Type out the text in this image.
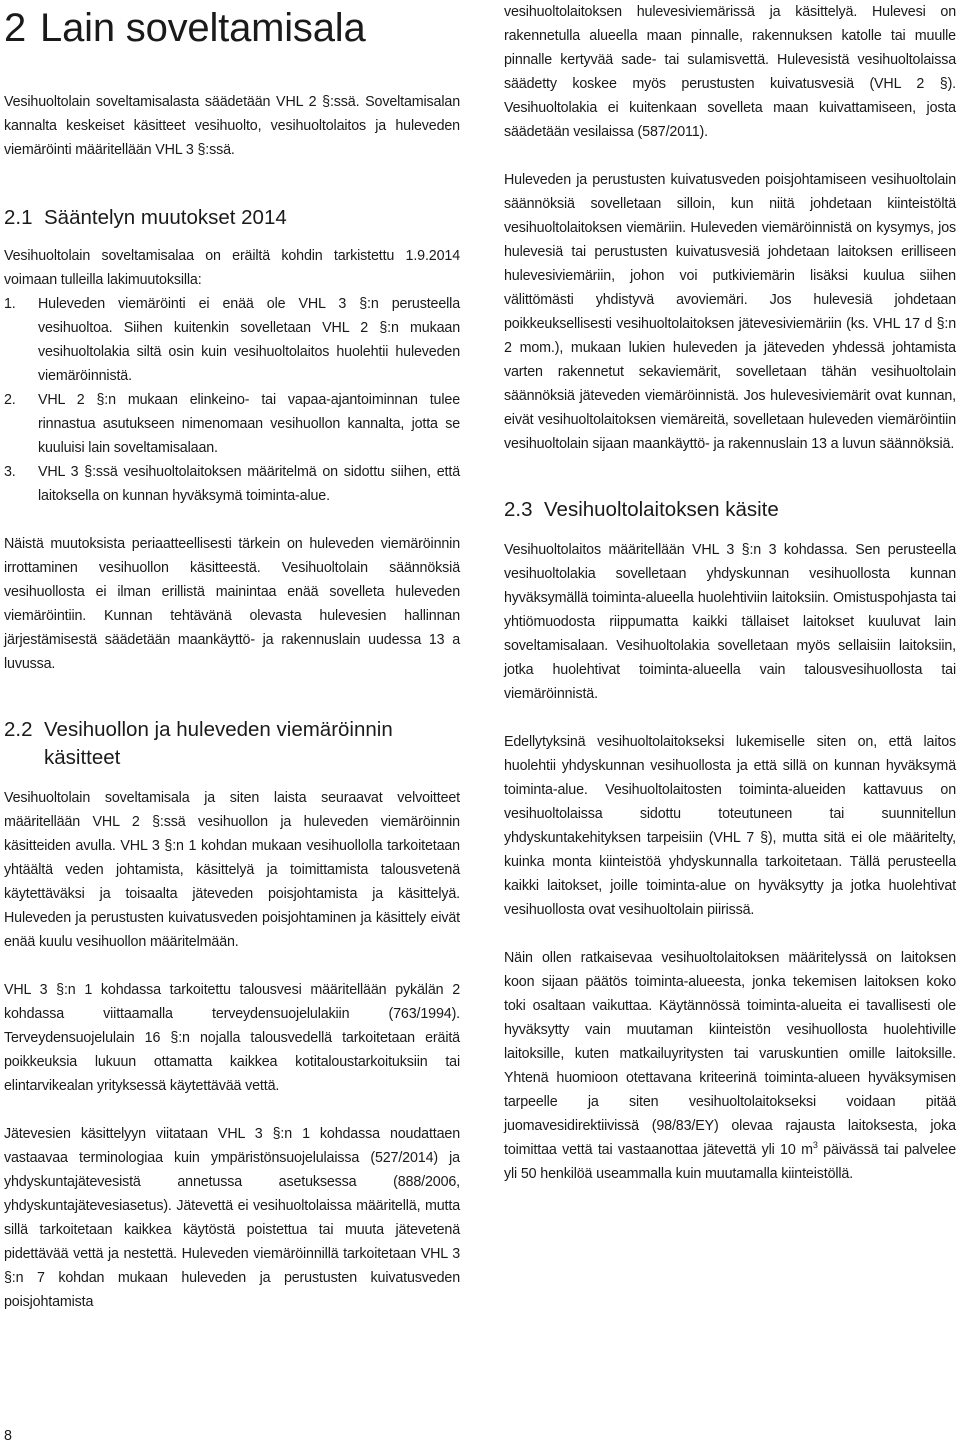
2 Lain soveltamisala

Vesihuoltolain soveltamisalasta säädetään VHL 2 §:ssä. Soveltamisalan kannalta keskeiset käsitteet vesihuolto, vesihuoltolaitos ja huleveden viemäröinti määritellään VHL 3 §:ssä.

2.1 Sääntelyn muutokset 2014

Vesihuoltolain soveltamisalaa on eräiltä kohdin tarkistettu 1.9.2014 voimaan tulleilla lakimuutoksilla:

1.	Huleveden viemäröinti ei enää ole VHL 3 §:n perusteella vesihuoltoa. Siihen kuitenkin sovelletaan VHL 2 §:n mukaan vesihuoltolakia siltä osin kuin vesihuoltolaitos huolehtii huleveden viemäröinnistä.
2.	VHL 2 §:n mukaan elinkeino- tai vapaa-ajantoiminnan tulee rinnastua asutukseen nimenomaan vesihuollon kannalta, jotta se kuuluisi lain soveltamisalaan.
3.	VHL 3 §:ssä vesihuoltolaitoksen määritelmä on sidottu siihen, että laitoksella on kunnan hyväksymä toiminta-alue.

Näistä muutoksista periaatteellisesti tärkein on huleveden viemäröinnin irrottaminen vesihuollon käsitteestä. Vesihuoltolain säännöksiä vesihuollosta ei ilman erillistä mainintaa enää sovelleta huleveden viemäröintiin. Kunnan tehtävänä olevasta hulevesien hallinnan järjestämisestä säädetään maankäyttö- ja rakennuslain uudessa 13 a luvussa.

2.2 Vesihuollon ja huleveden viemäröinnin
käsitteet

Vesihuoltolain soveltamisala ja siten laista seuraavat velvoitteet määritellään VHL 2 §:ssä vesihuollon ja huleveden viemäröinnin käsitteiden avulla. VHL 3 §:n 1 kohdan mukaan vesihuollolla tarkoitetaan yhtäältä veden johtamista, käsittelyä ja toimittamista talousvetenä käytettäväksi ja toisaalta jäteveden poisjohtamista ja käsittelyä. Huleveden ja perustusten kuivatusveden poisjohtaminen ja käsittely eivät enää kuulu vesihuollon määritelmään.

VHL 3 §:n 1 kohdassa tarkoitettu talousvesi määritellään pykälän 2 kohdassa viittaamalla terveydensuojelulakiin (763/1994). Terveydensuojelulain 16 §:n nojalla talousvedellä tarkoitetaan eräitä poikkeuksia lukuun ottamatta kaikkea kotitaloustarkoituksiin tai elintarvikealan yrityksessä käytettävää vettä.

Jätevesien käsittelyyn viitataan VHL 3 §:n 1 kohdassa noudattaen vastaavaa terminologiaa kuin ympäristönsuojelulaissa (527/2014) ja yhdyskuntajätevesistä annetussa asetuksessa (888/2006, yhdyskuntajätevesiasetus). Jätevettä ei vesihuoltolaissa määritellä, mutta sillä tarkoitetaan kaikkea käytöstä poistettua tai muuta jätevetenä pidettävää vettä ja nestettä. Huleveden viemäröinnillä tarkoitetaan VHL 3 §:n 7 kohdan mukaan huleveden ja perustusten kuivatusveden poisjohtamista

vesihuoltolaitoksen hulevesiviemärissä ja käsittelyä. Hulevesi on rakennetulla alueella maan pinnalle, rakennuksen katolle tai muulle pinnalle kertyvää sade- tai sulamisvettä. Hulevesistä vesihuoltolaissa säädetty koskee myös perustusten kuivatusvesiä (VHL 2 §). Vesihuoltolakia ei kuitenkaan sovelleta maan kuivattamiseen, josta säädetään vesilaissa (587/2011).

Huleveden ja perustusten kuivatusveden poisjohtamiseen vesihuoltolain säännöksiä sovelletaan silloin, kun niitä johdetaan kiinteistöltä vesihuoltolaitoksen viemäriin. Huleveden viemäröinnistä on kysymys, jos hulevesiä tai perustusten kuivatusvesiä johdetaan laitoksen erilliseen hulevesiviemäriin, johon voi putkiviemärin lisäksi kuulua siihen välittömästi yhdistyvä avoviemäri. Jos hulevesiä johdetaan poikkeuksellisesti vesihuoltolaitoksen jätevesiviemäriin (ks. VHL 17 d §:n 2 mom.), mukaan lukien huleveden ja jäteveden yhdessä johtamista varten rakennetut sekaviemärit, sovelletaan tähän vesihuoltolain säännöksiä jäteveden viemäröinnistä. Jos hulevesiviemärit ovat kunnan, eivät vesihuoltolaitoksen viemäreitä, sovelletaan huleveden viemäröintiin vesihuoltolain sijaan maankäyttö- ja rakennuslain 13 a luvun säännöksiä.

2.3 Vesihuoltolaitoksen käsite

Vesihuoltolaitos määritellään VHL 3 §:n 3 kohdassa. Sen perusteella vesihuoltolakia sovelletaan yhdyskunnan vesihuollosta kunnan hyväksymällä toiminta-alueella huolehtiviin laitoksiin. Omistuspohjasta tai yhtiömuodosta riippumatta kaikki tällaiset laitokset kuuluvat lain soveltamisalaan. Vesihuoltolakia sovelletaan myös sellaisiin laitoksiin, jotka huolehtivat toiminta-alueella vain talousvesihuollosta tai viemäröinnistä.

Edellytyksinä vesihuoltolaitokseksi lukemiselle siten on, että laitos huolehtii yhdyskunnan vesihuollosta ja että sillä on kunnan hyväksymä toiminta-alue. Vesihuoltolaitosten toiminta-alueiden kattavuus on vesihuoltolaissa sidottu toteutuneen tai suunnitellun yhdyskuntakehityksen tarpeisiin (VHL 7 §), mutta sitä ei ole määritelty, kuinka monta kiinteistöä yhdyskunnalla tarkoitetaan. Tällä perusteella kaikki laitokset, joille toiminta-alue on hyväksytty ja jotka huolehtivat vesihuollosta ovat vesihuoltolain piirissä.

Näin ollen ratkaisevaa vesihuoltolaitoksen määritelyssä on laitoksen koon sijaan päätös toiminta-alueesta, jonka tekemisen laitoksen koko toki osaltaan vaikuttaa. Käytännössä toiminta-alueita ei tavallisesti ole hyväksytty vain muutaman kiinteistön vesihuollosta huolehtiville laitoksille, kuten matkailuyritysten tai varuskuntien omille laitoksille. Yhtenä huomioon otettavana kriteerinä toiminta-alueen hyväksymisen tarpeelle ja siten vesihuoltolaitokseksi voidaan pitää juomavesidirektiivissä (98/83/EY) olevaa rajausta laitoksesta, joka toimittaa vettä tai vastaanottaa jätevettä yli 10 $m^3$ päivässä tai palvelee yli 50 henkilöä useammalla kuin muutamalla kiinteistöllä.

8
